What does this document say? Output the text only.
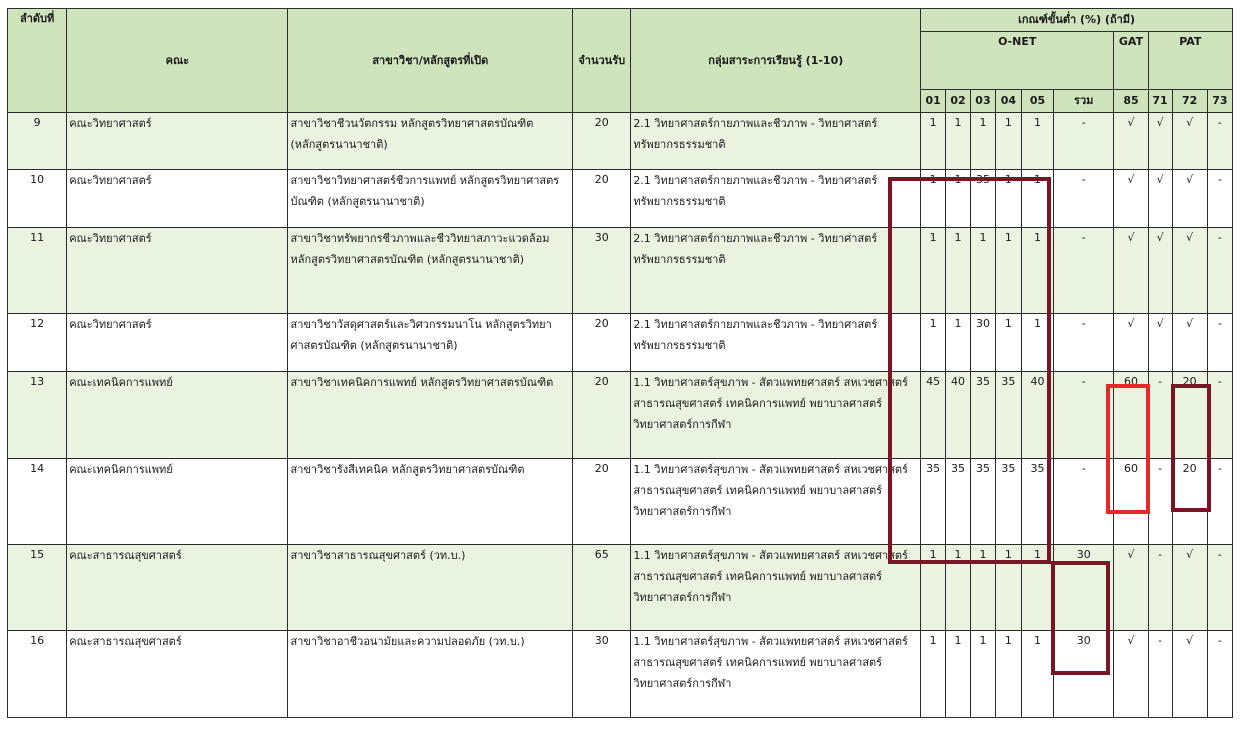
ลำดับที่	คณะ	สาขาวิชา/หลักสูตรที่เปิด	จำนวนรับ	กลุ่มสาระการเรียนรู้ (1-10)	เกณฑ์ขั้นต่ำ (%) (ถ้ามี)									
					O-NET						GAT	PAT		
					01	02	03	04	05	รวม	85	71	72	73
9	คณะวิทยาศาสตร์	สาขาวิชาชีวนวัตกรรม หลักสูตรวิทยาศาสตรบัณฑิต (หลักสูตรนานาชาติ)	20	2.1 วิทยาศาสตร์กายภาพและชีวภาพ - วิทยาศาสตร์ทรัพยากรธรรมชาติ	1	1	1	1	1	-	√	√	√	-
10	คณะวิทยาศาสตร์	สาขาวิชาวิทยาศาสตร์ชีวการแพทย์ หลักสูตรวิทยาศาสตรบัณฑิต (หลักสูตรนานาชาติ)	20	2.1 วิทยาศาสตร์กายภาพและชีวภาพ - วิทยาศาสตร์ทรัพยากรธรรมชาติ	1	1	35	1	1	-	√	√	√	-
11	คณะวิทยาศาสตร์	สาขาวิชาทรัพยากรชีวภาพและชีววิทยาสภาวะแวดล้อม หลักสูตรวิทยาศาสตรบัณฑิต (หลักสูตรนานาชาติ)	30	2.1 วิทยาศาสตร์กายภาพและชีวภาพ - วิทยาศาสตร์ทรัพยากรธรรมชาติ	1	1	1	1	1	-	√	√	√	-
12	คณะวิทยาศาสตร์	สาขาวิชาวัสดุศาสตร์และวิศวกรรมนาโน หลักสูตรวิทยาศาสตรบัณฑิต (หลักสูตรนานาชาติ)	20	2.1 วิทยาศาสตร์กายภาพและชีวภาพ - วิทยาศาสตร์ทรัพยากรธรรมชาติ	1	1	30	1	1	-	√	√	√	-
13	คณะเทคนิคการแพทย์	สาขาวิชาเทคนิคการแพทย์ หลักสูตรวิทยาศาสตรบัณฑิต	20	1.1 วิทยาศาสตร์สุขภาพ - สัตวแพทยศาสตร์ สหเวชศาสตร์ สาธารณสุขศาสตร์ เทคนิคการแพทย์ พยาบาลศาสตร์ วิทยาศาสตร์การกีฬา	45	40	35	35	40	-	60	-	20	-
14	คณะเทคนิคการแพทย์	สาขาวิชารังสีเทคนิค หลักสูตรวิทยาศาสตรบัณฑิต	20	1.1 วิทยาศาสตร์สุขภาพ - สัตวแพทยศาสตร์ สหเวชศาสตร์ สาธารณสุขศาสตร์ เทคนิคการแพทย์ พยาบาลศาสตร์ วิทยาศาสตร์การกีฬา	35	35	35	35	35	-	60	-	20	-
15	คณะสาธารณสุขศาสตร์	สาขาวิชาสาธารณสุขศาสตร์ (วท.บ.)	65	1.1 วิทยาศาสตร์สุขภาพ - สัตวแพทยศาสตร์ สหเวชศาสตร์ สาธารณสุขศาสตร์ เทคนิคการแพทย์ พยาบาลศาสตร์ วิทยาศาสตร์การกีฬา	1	1	1	1	1	30	√	-	√	-
16	คณะสาธารณสุขศาสตร์	สาขาวิชาอาชีวอนามัยและความปลอดภัย (วท.บ.)	30	1.1 วิทยาศาสตร์สุขภาพ - สัตวแพทยศาสตร์ สหเวชศาสตร์ สาธารณสุขศาสตร์ เทคนิคการแพทย์ พยาบาลศาสตร์ วิทยาศาสตร์การกีฬา	1	1	1	1	1	30	√	-	√	-
